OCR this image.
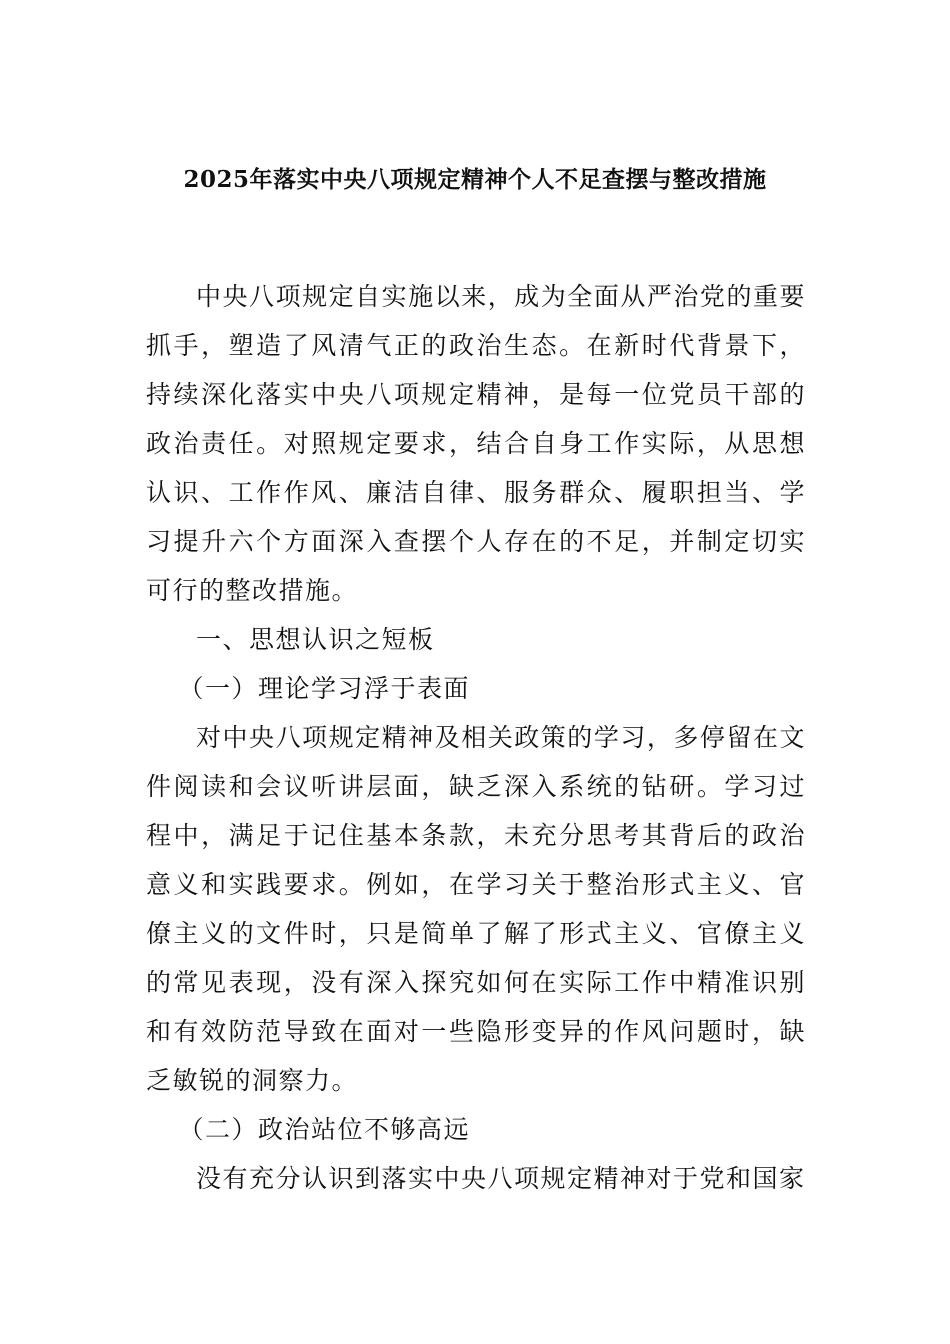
2025年落实中央八项规定精神个人不足查摆与整改措施

中央八项规定自实施以来，成为全面从严治党的重要抓手，塑造了风清气正的政治生态。在新时代背景下，持续深化落实中央八项规定精神，是每一位党员干部的政治责任。对照规定要求，结合自身工作实际，从思想认识、工作作风、廉洁自律、服务群众、履职担当、学习提升六个方面深入查摆个人存在的不足，并制定切实可行的整改措施。

一、思想认识之短板

（一）理论学习浮于表面

对中央八项规定精神及相关政策的学习，多停留在文件阅读和会议听讲层面，缺乏深入系统的钻研。学习过程中，满足于记住基本条款，未充分思考其背后的政治意义和实践要求。例如，在学习关于整治形式主义、官僚主义的文件时，只是简单了解了形式主义、官僚主义的常见表现，没有深入探究如何在实际工作中精准识别和有效防范导致在面对一些隐形变异的作风问题时，缺乏敏锐的洞察力。

（二）政治站位不够高远

没有充分认识到落实中央八项规定精神对于党和国家
